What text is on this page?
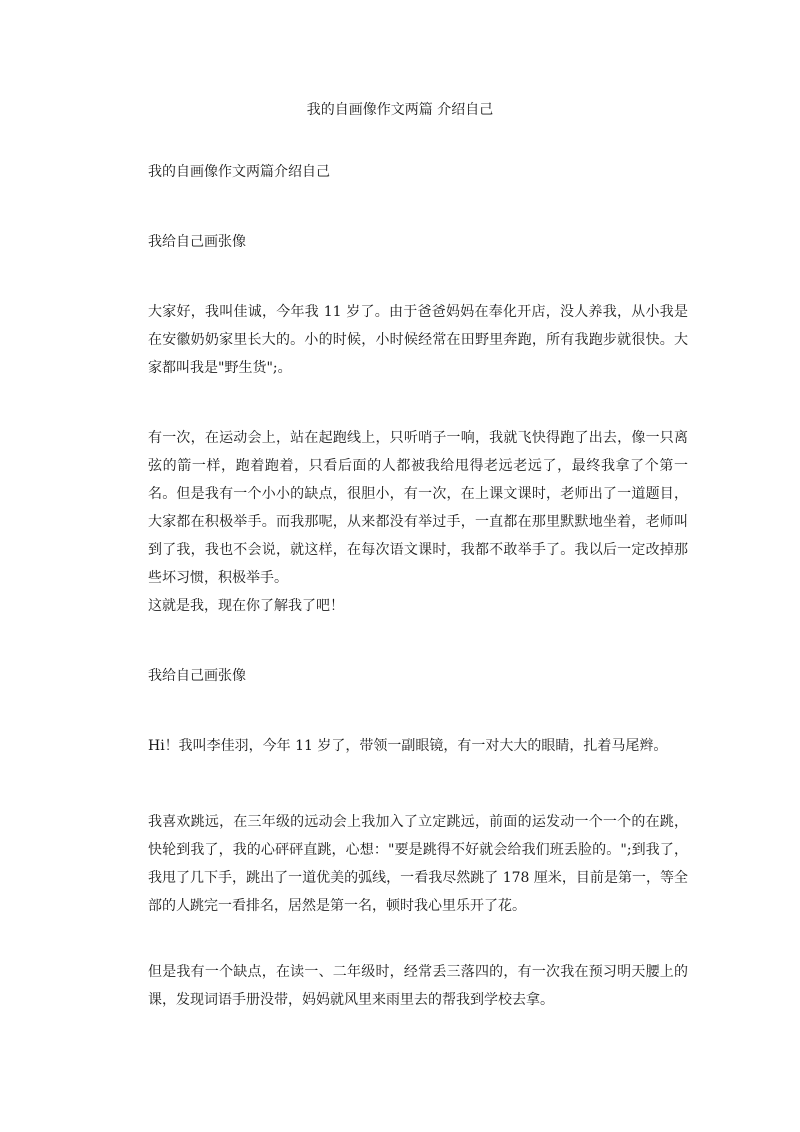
我的自画像作文两篇 介绍自己

我的自画像作文两篇介绍自己

我给自己画张像

大家好，我叫佳诚，今年我 11 岁了。由于爸爸妈妈在奉化开店，没人养我，从小我是在安徽奶奶家里长大的。小的时候，小时候经常在田野里奔跑，所有我跑步就很快。大家都叫我是"野生货";。

有一次，在运动会上，站在起跑线上，只听哨子一响，我就飞快得跑了出去，像一只离弦的箭一样，跑着跑着，只看后面的人都被我给甩得老远老远了，最终我拿了个第一名。但是我有一个小小的缺点，很胆小，有一次，在上课文课时，老师出了一道题目，大家都在积极举手。而我那呢，从来都没有举过手，一直都在那里默默地坐着，老师叫到了我，我也不会说，就这样，在每次语文课时，我都不敢举手了。我以后一定改掉那些坏习惯，积极举手。

这就是我，现在你了解我了吧！

我给自己画张像

Hi！我叫李佳羽，今年 11 岁了，带领一副眼镜，有一对大大的眼睛，扎着马尾辫。

我喜欢跳远，在三年级的远动会上我加入了立定跳远，前面的运发动一个一个的在跳，快轮到我了，我的心砰砰直跳，心想："要是跳得不好就会给我们班丢脸的。";到我了，我甩了几下手，跳出了一道优美的弧线，一看我尽然跳了 178 厘米，目前是第一，等全部的人跳完一看排名，居然是第一名，顿时我心里乐开了花。

但是我有一个缺点，在读一、二年级时，经常丢三落四的，有一次我在预习明天腰上的课，发现词语手册没带，妈妈就风里来雨里去的帮我到学校去拿。
